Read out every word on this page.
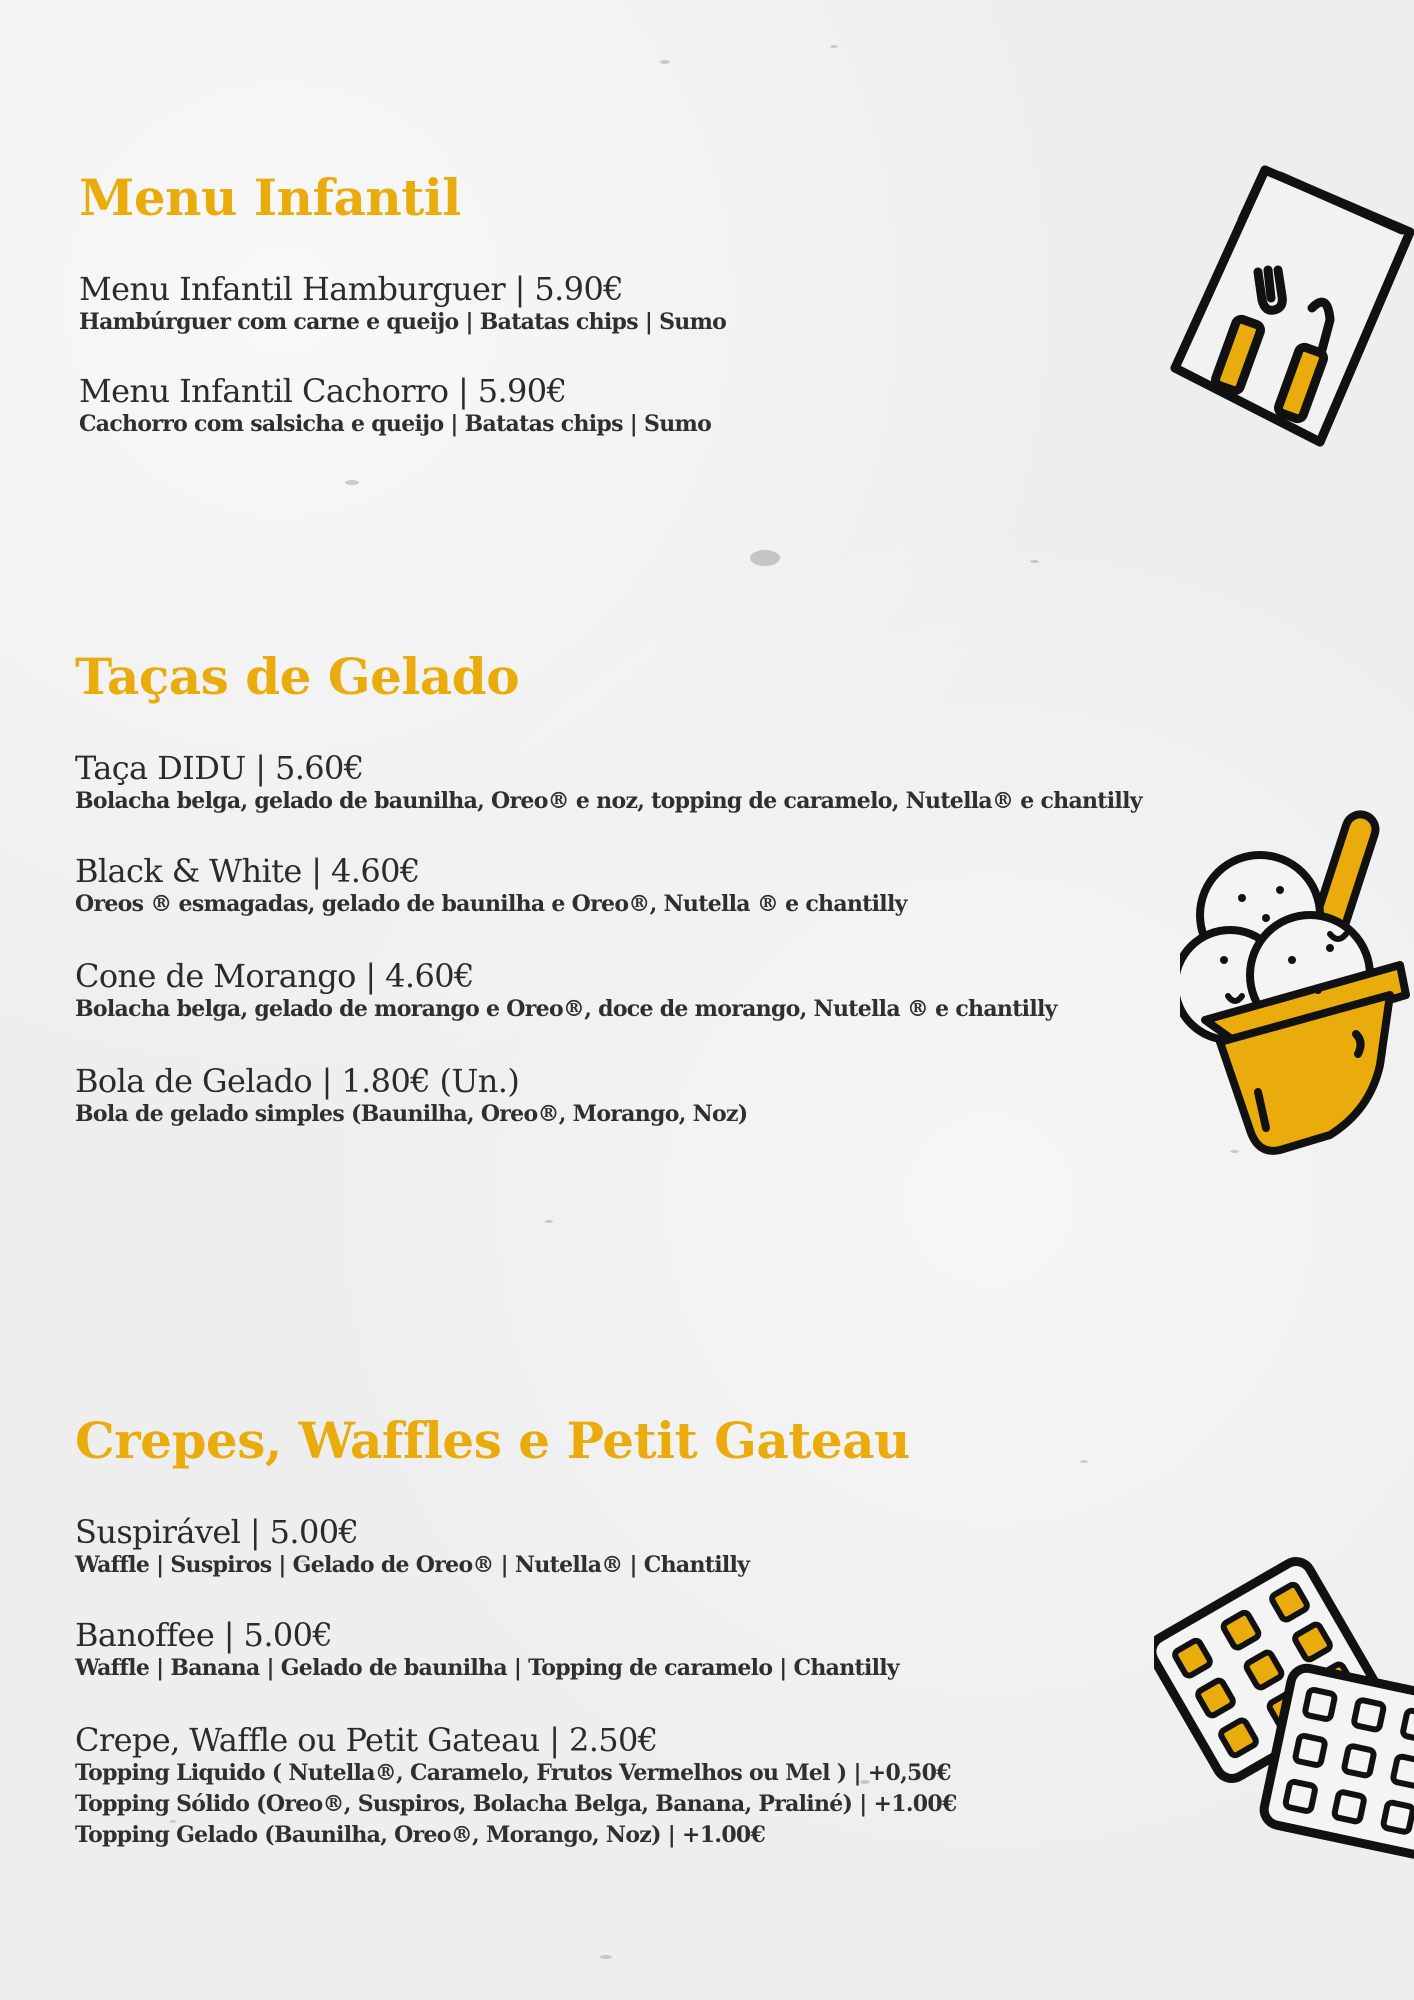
Menu Infantil
Menu Infantil Hamburguer | 5.90€
Hambúrguer com carne e queijo | Batatas chips | Sumo
Menu Infantil Cachorro | 5.90€
Cachorro com salsicha e queijo | Batatas chips | Sumo
Taças de Gelado
Taça DIDU | 5.60€
Bolacha belga, gelado de baunilha, Oreo® e noz, topping de caramelo, Nutella® e chantilly
Black & White | 4.60€
Oreos ® esmagadas, gelado de baunilha e Oreo®, Nutella ® e chantilly
Cone de Morango | 4.60€
Bolacha belga, gelado de morango e Oreo®, doce de morango, Nutella ® e chantilly
Bola de Gelado | 1.80€ (Un.)
Bola de gelado simples (Baunilha, Oreo®, Morango, Noz)
Crepes, Waffles e Petit Gateau
Suspirável | 5.00€
Waffle | Suspiros | Gelado de Oreo® | Nutella® | Chantilly
Banoffee | 5.00€
Waffle | Banana | Gelado de baunilha | Topping de caramelo | Chantilly
Crepe, Waffle ou Petit Gateau | 2.50€
Topping Liquido ( Nutella®, Caramelo, Frutos Vermelhos ou Mel ) | +0,50€
Topping Sólido (Oreo®, Suspiros, Bolacha Belga, Banana, Praliné) | +1.00€
Topping Gelado (Baunilha, Oreo®, Morango, Noz) | +1.00€
